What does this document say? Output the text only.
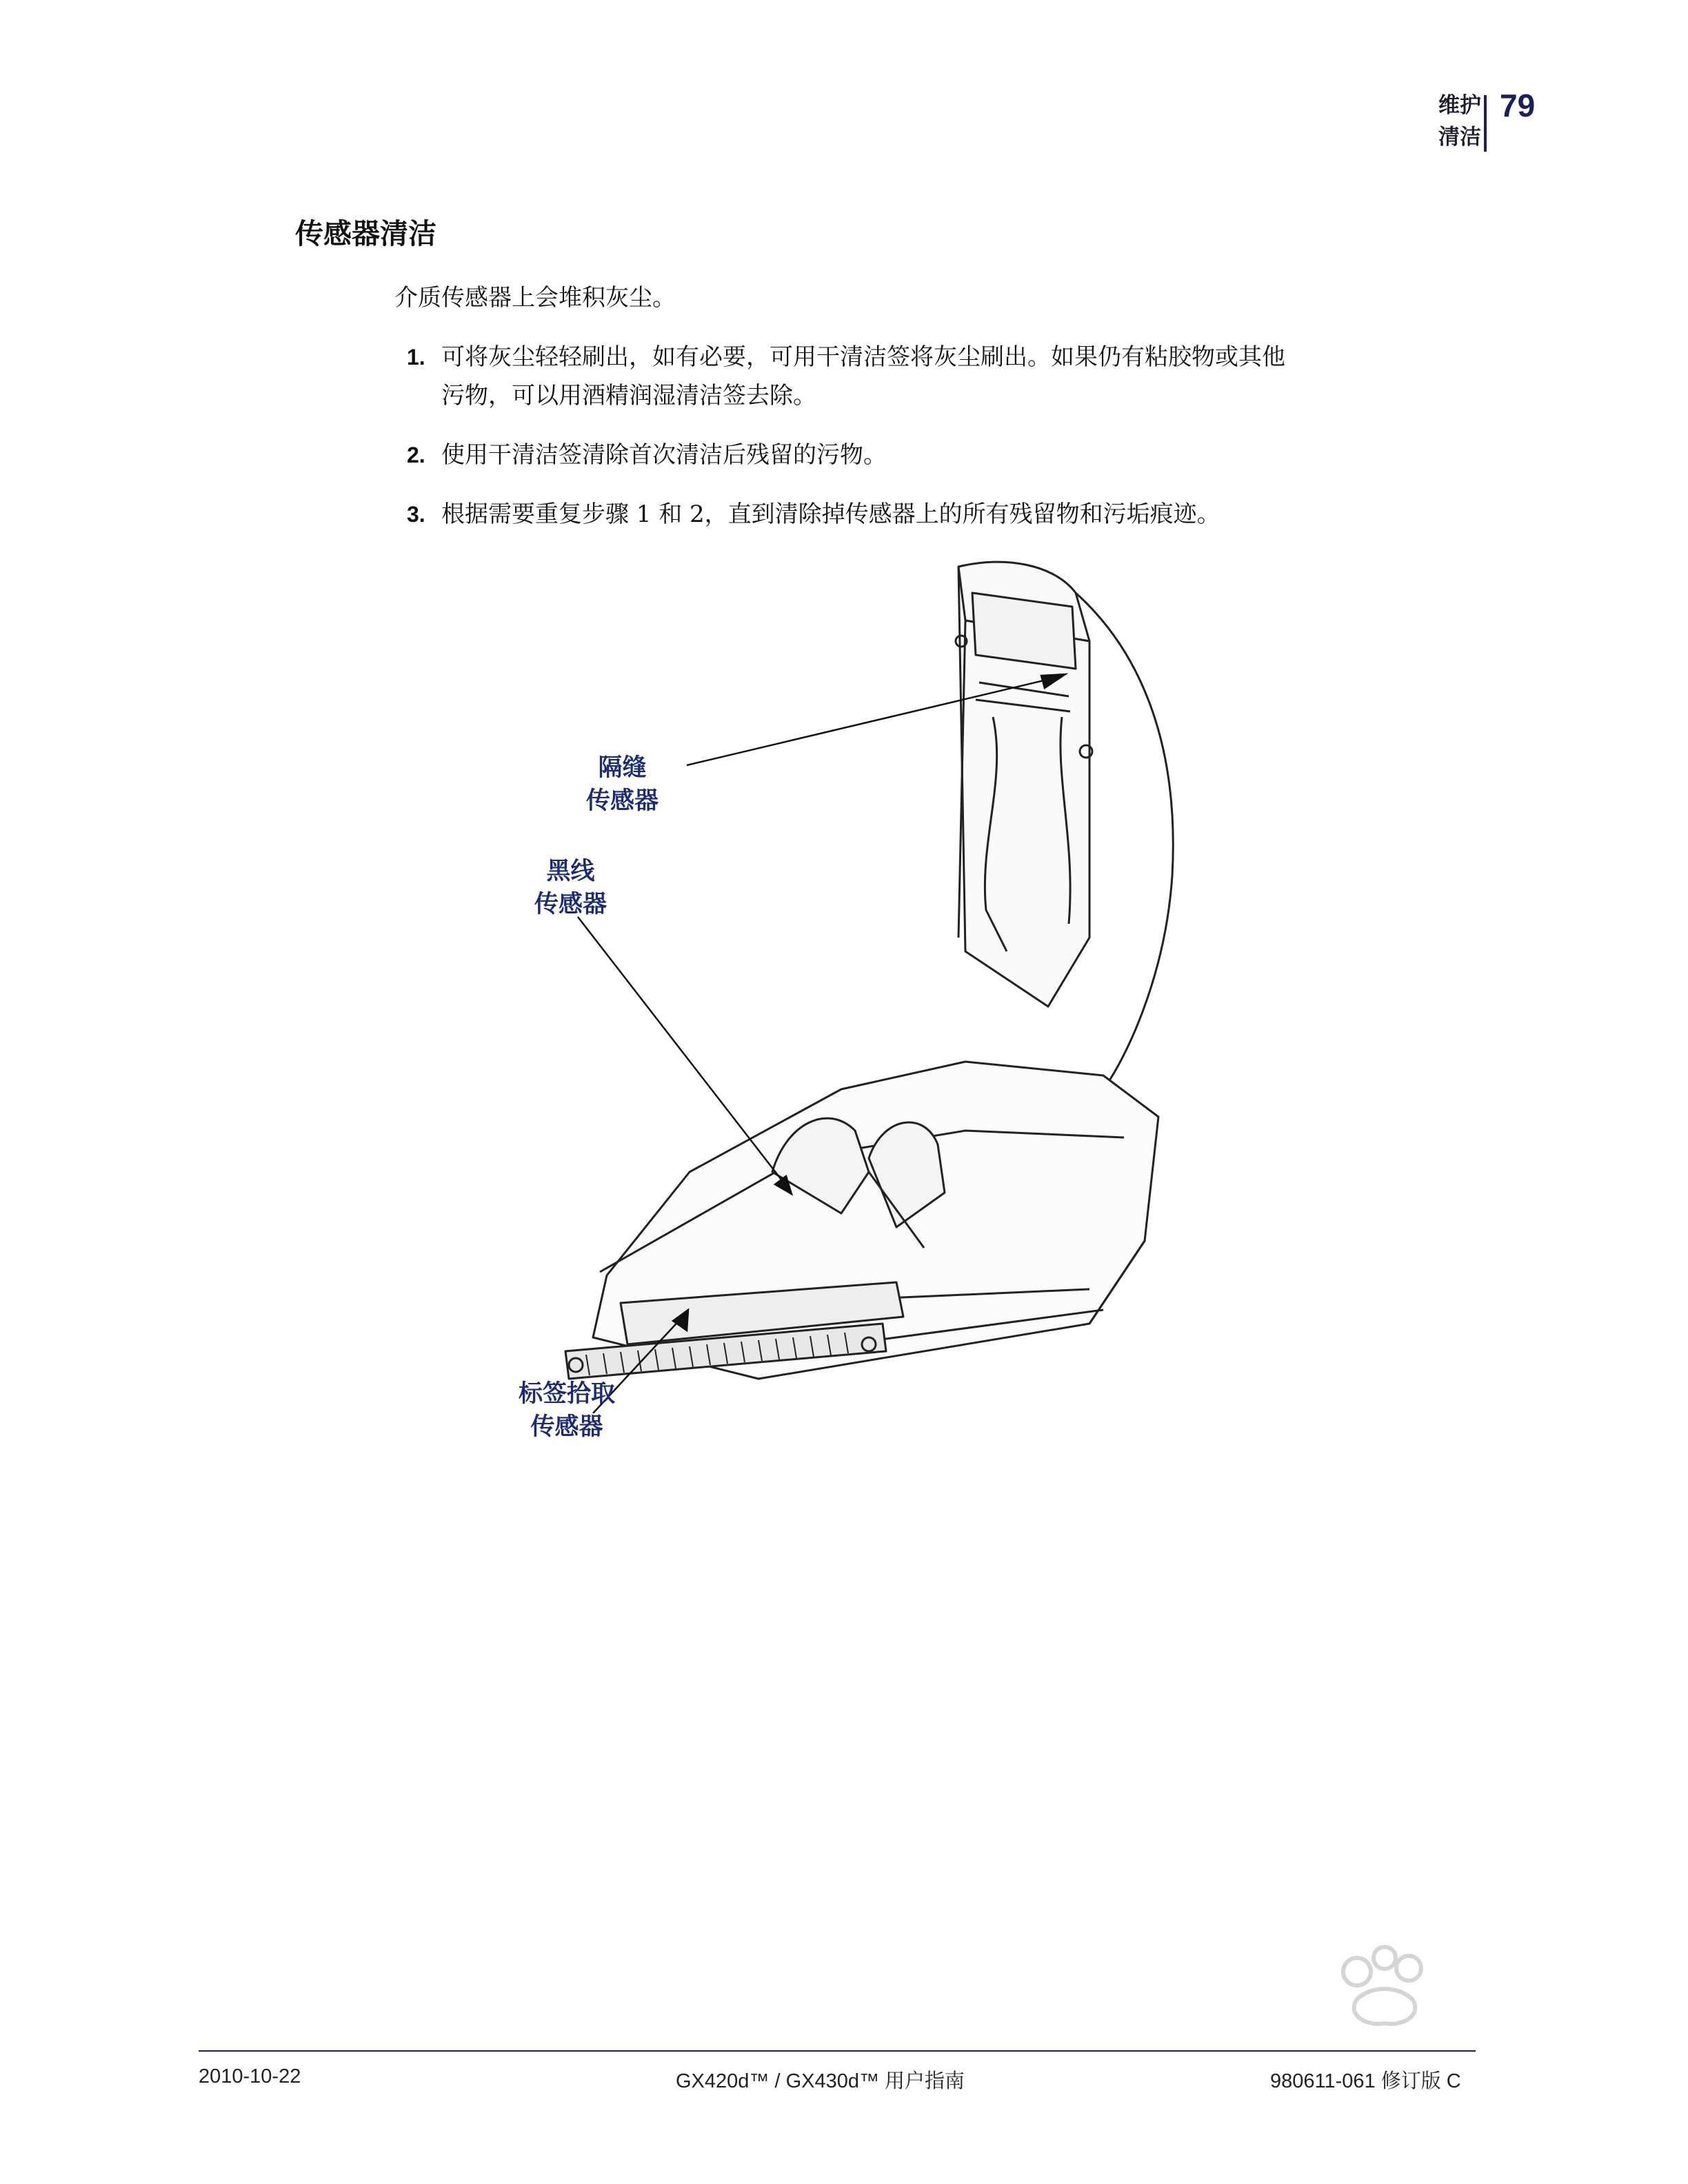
维护
清洁
79
传感器清洁
介质传感器上会堆积灰尘。
1. 可将灰尘轻轻刷出，如有必要，可用干清洁签将灰尘刷出。如果仍有粘胶物或其他
污物，可以用酒精润湿清洁签去除。
2. 使用干清洁签清除首次清洁后残留的污物。
3. 根据需要重复步骤 1 和 2，直到清除掉传感器上的所有残留物和污垢痕迹。
隔缝
传感器
黑线
传感器
标签拾取
传感器
2010-10-22	GX420d™ / GX430d™ 用户指南	980611-061 修订版 C
